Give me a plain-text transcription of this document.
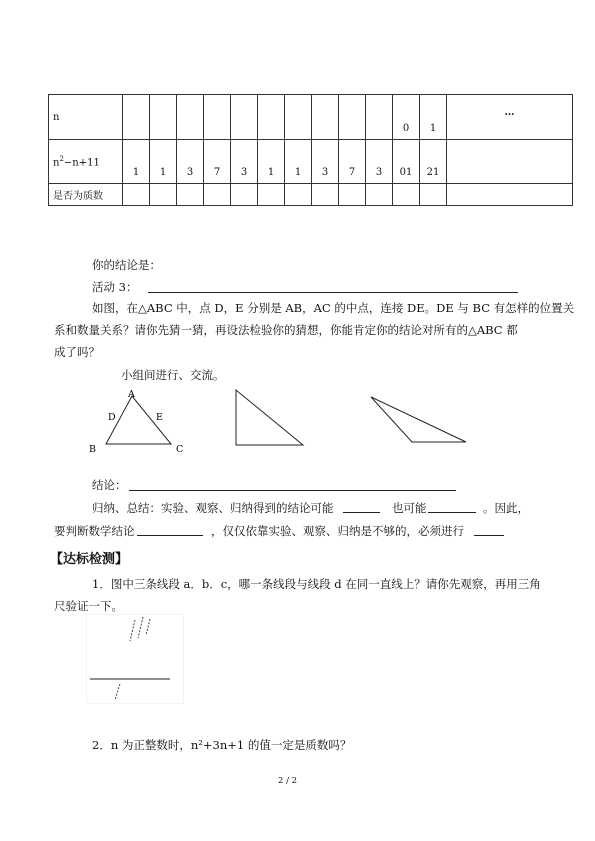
n											0	1	…

$n^2-n+11$	1	1	3	7	3	1	1	3	7	3	01	21	

是否为质数													

你的结论是：
活动 3：
如图，在△ABC 中，点 D，E 分别是 AB，AC 的中点，连接 DE。DE 与 BC 有怎样的位置关
系和数量关系？请你先猜一猜，再设法检验你的猜想，你能肯定你的结论对所有的△ABC 都
成了吗？
小组间进行、交流。
A
D	E
B	C
结论：
归纳、总结：实验、观察、归纳得到的结论可能	也可能	。因此，
要判断数学结论	，仅仅依靠实验、观察、归纳是不够的，必须进行
【达标检测】
1．图中三条线段 a．b．c，哪一条线段与线段 d 在同一直线上？请你先观察，再用三角
尺验证一下。
2．n 为正整数时，n²+3n+1 的值一定是质数吗？
2 / 2
